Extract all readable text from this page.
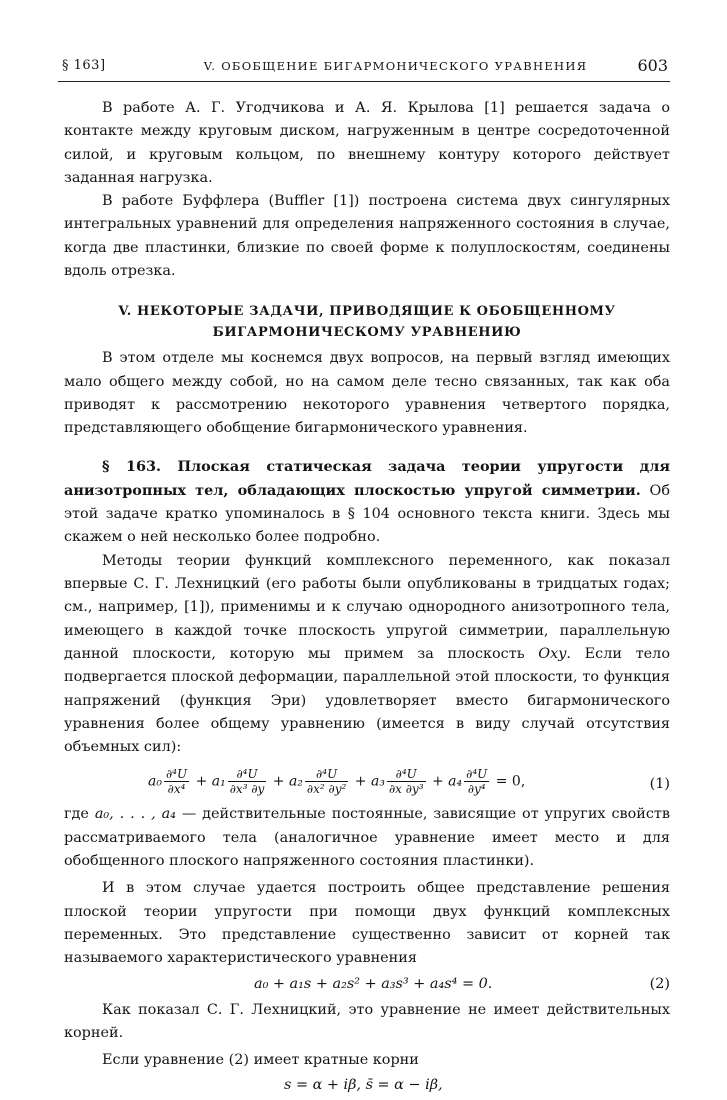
§ 163]	V. ОБОБЩЕНИЕ БИГАРМОНИЧЕСКОГО УРАВНЕНИЯ	603

В работе А. Г. Угодчикова и А. Я. Крылова [1] решается задача о контакте между круговым диском, нагруженным в центре сосредоточенной силой, и круговым кольцом, по внешнему контуру которого действует заданная нагрузка.

В работе Буффлера (Buffler [1]) построена система двух сингулярных интегральных уравнений для определения напряженного состояния в случае, когда две пластинки, близкие по своей форме к полуплоскостям, соединены вдоль отрезка.

V. НЕКОТОРЫЕ ЗАДАЧИ, ПРИВОДЯЩИЕ К ОБОБЩЕННОМУ БИГАРМОНИЧЕСКОМУ УРАВНЕНИЮ

В этом отделе мы коснемся двух вопросов, на первый взгляд имеющих мало общего между собой, но на самом деле тесно связанных, так как оба приводят к рассмотрению некоторого уравнения четвертого порядка, представляющего обобщение бигармонического уравнения.

§ 163. Плоская статическая задача теории упругости для анизотропных тел, обладающих плоскостью упругой симметрии. Об этой задаче кратко упоминалось в § 104 основного текста книги. Здесь мы скажем о ней несколько более подробно.

Методы теории функций комплексного переменного, как показал впервые С. Г. Лехницкий (его работы были опубликованы в тридцатых годах; см., например, [1]), применимы и к случаю однородного анизотропного тела, имеющего в каждой точке плоскость упругой симметрии, параллельную данной плоскости, которую мы примем за плоскость Oxy. Если тело подвергается плоской деформации, параллельной этой плоскости, то функция напряжений (функция Эри) удовлетворяет вместо бигармонического уравнения более общему уравнению (имеется в виду случай отсутствия объемных сил):

$a_0 \frac{\text{∂⁴U}}{\text{∂x⁴}} + a_1 \frac{\text{∂⁴U}}{\text{∂x³ ∂y}} + a_2 \frac{\text{∂⁴U}}{\text{∂x² ∂y²}} + a_3 \frac{\text{∂⁴U}}{\text{∂x ∂y³}} + a_4 \frac{\text{∂⁴U}}{\text{∂y⁴}} = 0$,	(1)

где a₀, . . . , a₄ — действительные постоянные, зависящие от упругих свойств рассматриваемого тела (аналогичное уравнение имеет место и для обобщенного плоского напряженного состояния пластинки).

И в этом случае удается построить общее представление решения плоской теории упругости при помощи двух функций комплексных переменных. Это представление существенно зависит от корней так называемого характеристического уравнения

a₀ + a₁s + a₂s² + a₃s³ + a₄s⁴ = 0.	(2)

Как показал С. Г. Лехницкий, это уравнение не имеет действительных корней.

Если уравнение (2) имеет кратные корни

s = α + iβ, s̄ = α − iβ,
